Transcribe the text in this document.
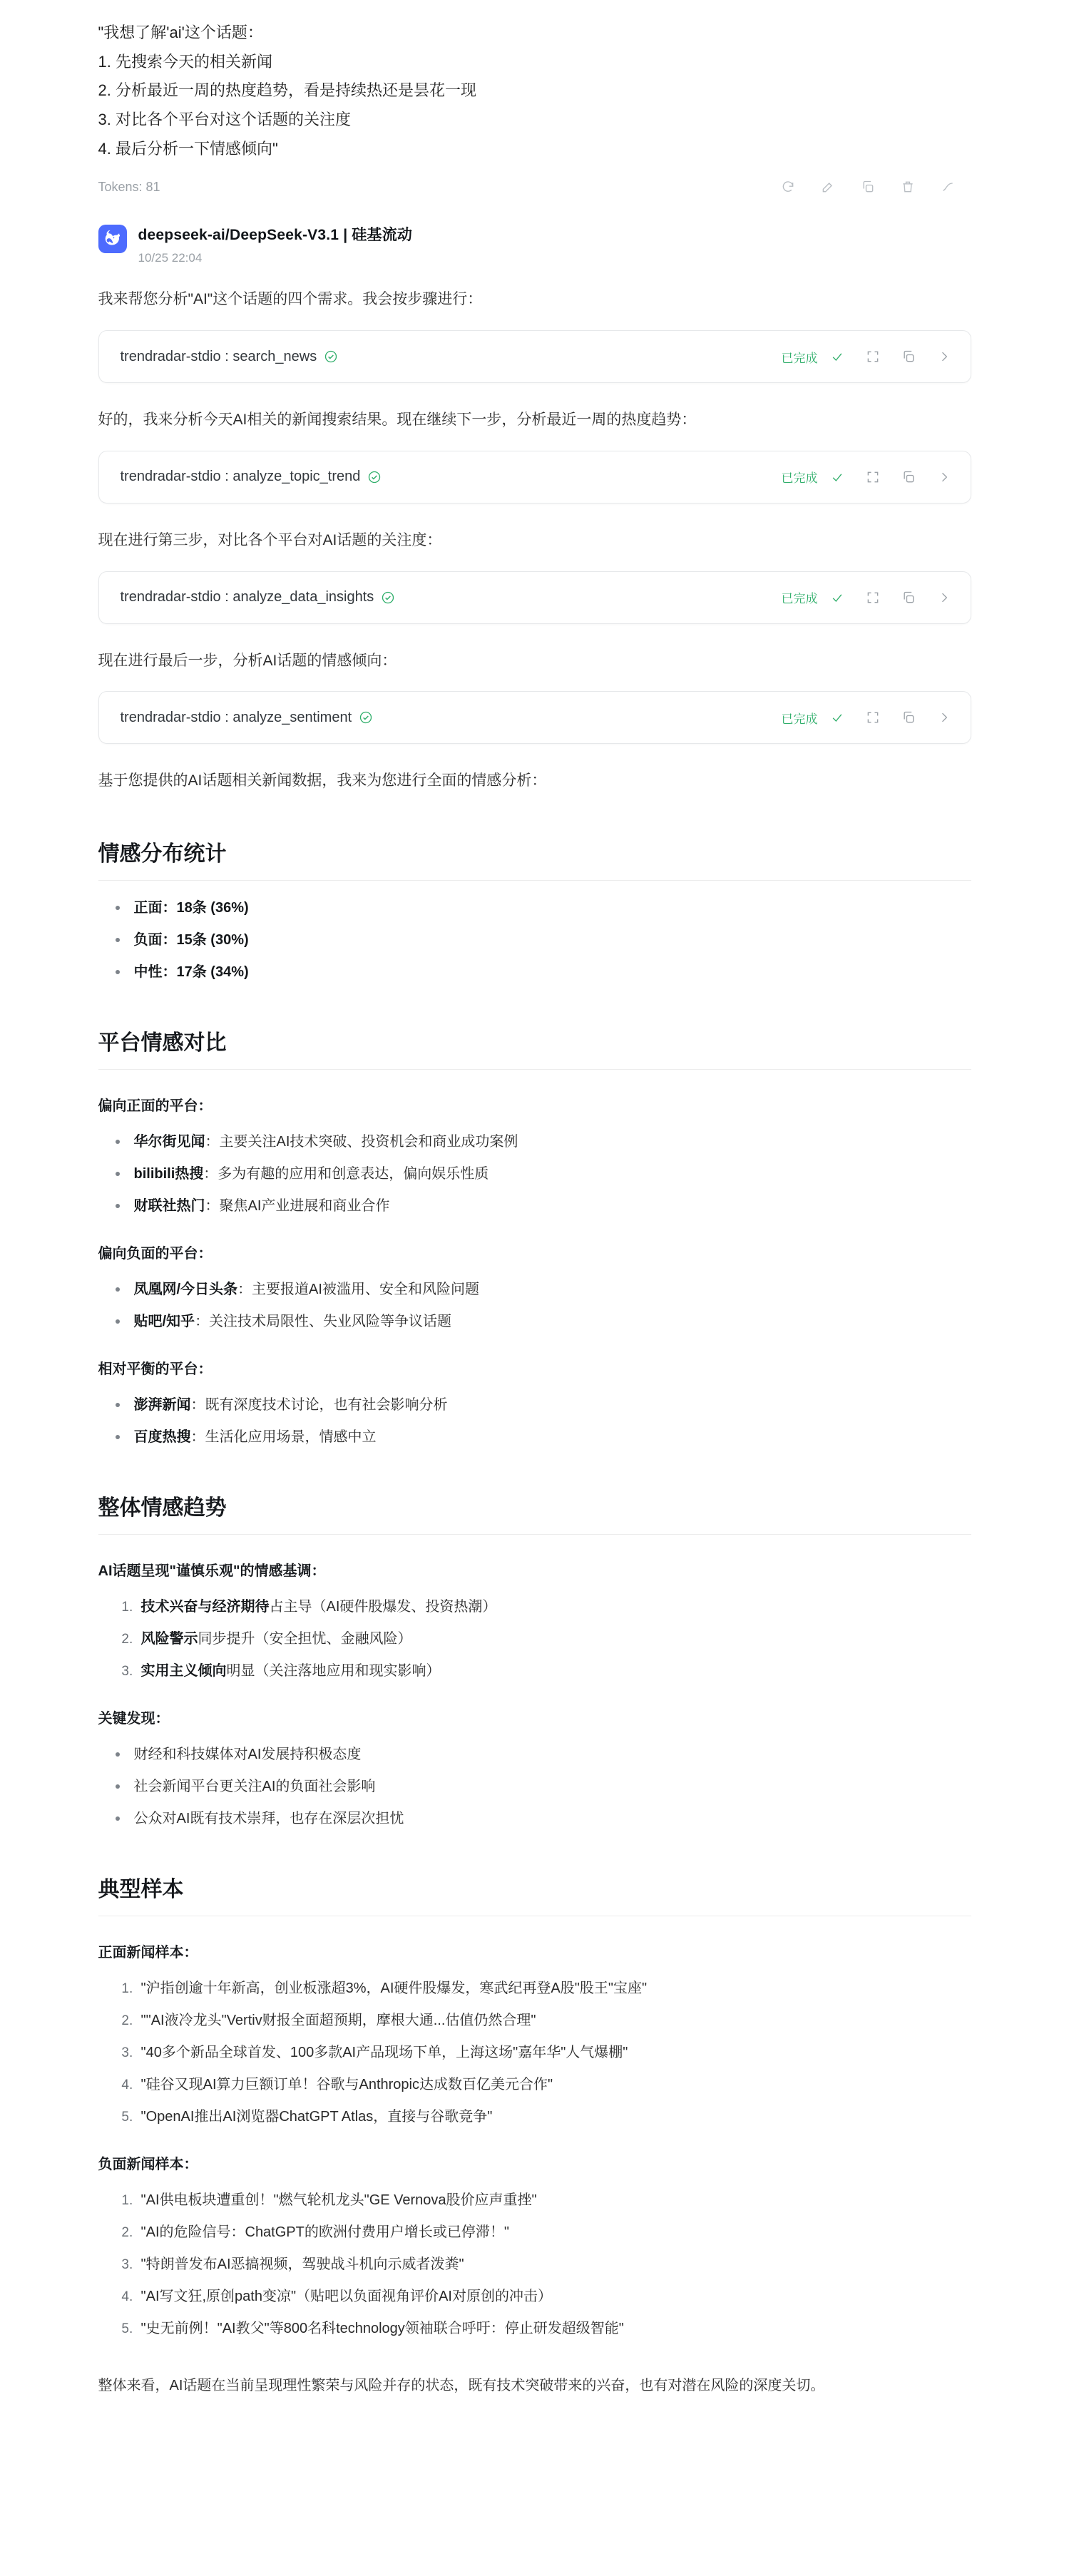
"我想了解'ai'这个话题：
1. 先搜索今天的相关新闻
2. 分析最近一周的热度趋势，看是持续热还是昙花一现
3. 对比各个平台对这个话题的关注度
4. 最后分析一下情感倾向"
Tokens: 81
deepseek-ai/DeepSeek-V3.1 | 硅基流动
10/25 22:04

我来帮您分析"AI"这个话题的四个需求。我会按步骤进行：

trendradar-stdio : search_news	已完成

好的，我来分析今天AI相关的新闻搜索结果。现在继续下一步，分析最近一周的热度趋势：

trendradar-stdio : analyze_topic_trend	已完成

现在进行第三步，对比各个平台对AI话题的关注度：

trendradar-stdio : analyze_data_insights	已完成

现在进行最后一步，分析AI话题的情感倾向：

trendradar-stdio : analyze_sentiment	已完成

基于您提供的AI话题相关新闻数据，我来为您进行全面的情感分析：

情感分布统计
正面：18条 (36%)
负面：15条 (30%)
中性：17条 (34%)
平台情感对比
偏向正面的平台：
华尔街见闻：主要关注AI技术突破、投资机会和商业成功案例
bilibili热搜：多为有趣的应用和创意表达，偏向娱乐性质
财联社热门：聚焦AI产业进展和商业合作
偏向负面的平台：
凤凰网/今日头条：主要报道AI被滥用、安全和风险问题
贴吧/知乎：关注技术局限性、失业风险等争议话题
相对平衡的平台：
澎湃新闻：既有深度技术讨论，也有社会影响分析
百度热搜：生活化应用场景，情感中立
整体情感趋势
AI话题呈现"谨慎乐观"的情感基调：
1. 技术兴奋与经济期待占主导（AI硬件股爆发、投资热潮）
2. 风险警示同步提升（安全担忧、金融风险）
3. 实用主义倾向明显（关注落地应用和现实影响）
关键发现：
财经和科技媒体对AI发展持积极态度
社会新闻平台更关注AI的负面社会影响
公众对AI既有技术崇拜，也存在深层次担忧
典型样本
正面新闻样本：
1. "沪指创逾十年新高，创业板涨超3%，AI硬件股爆发，寒武纪再登A股"股王"宝座"
2. ""AI液冷龙头"Vertiv财报全面超预期，摩根大通...估值仍然合理"
3. "40多个新品全球首发、100多款AI产品现场下单，上海这场"嘉年华"人气爆棚"
4. "硅谷又现AI算力巨额订单！谷歌与Anthropic达成数百亿美元合作"
5. "OpenAI推出AI浏览器ChatGPT Atlas，直接与谷歌竞争"
负面新闻样本：
1. "AI供电板块遭重创！"燃气轮机龙头"GE Vernova股价应声重挫"
2. "AI的危险信号：ChatGPT的欧洲付费用户增长或已停滞！"
3. "特朗普发布AI恶搞视频，驾驶战斗机向示威者泼粪"
4. "AI写文狂,原创path变凉"（贴吧以负面视角评价AI对原创的冲击）
5. "史无前例！"AI教父"等800名科technology领袖联合呼吁：停止研发超级智能"
整体来看，AI话题在当前呈现理性繁荣与风险并存的状态，既有技术突破带来的兴奋，也有对潜在风险的深度关切。
